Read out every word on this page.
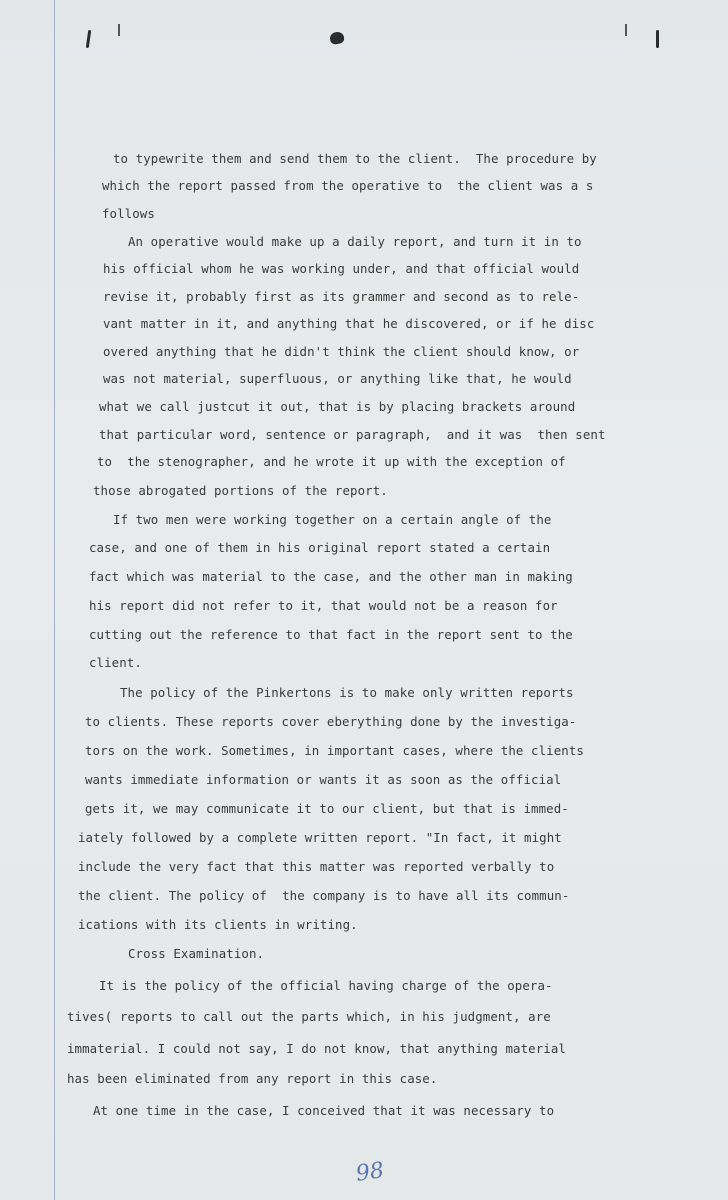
to typewrite them and send them to the client.  The procedure by
which the report passed from the operative to  the client was a s
follows
An operative would make up a daily report, and turn it in to
his official whom he was working under, and that official would
revise it, probably first as its grammer and second as to rele-
vant matter in it, and anything that he discovered, or if he disc
overed anything that he didn't think the client should know, or
was not material, superfluous, or anything like that, he would
what we call justcut it out, that is by placing brackets around
that particular word, sentence or paragraph,  and it was  then sent
to  the stenographer, and he wrote it up with the exception of
those abrogated portions of the report.
If two men were working together on a certain angle of the
case, and one of them in his original report stated a certain
fact which was material to the case, and the other man in making
his report did not refer to it, that would not be a reason for
cutting out the reference to that fact in the report sent to the
client.
The policy of the Pinkertons is to make only written reports
to clients. These reports cover eberything done by the investiga-
tors on the work. Sometimes, in important cases, where the clients
wants immediate information or wants it as soon as the official
gets it, we may communicate it to our client, but that is immed-
iately followed by a complete written report. "In fact, it might
include the very fact that this matter was reported verbally to
the client. The policy of  the company is to have all its commun-
ications with its clients in writing.
Cross Examination.
It is the policy of the official having charge of the opera-
tives( reports to call out the parts which, in his judgment, are
immaterial. I could not say, I do not know, that anything material
has been eliminated from any report in this case.
At one time in the case, I conceived that it was necessary to
98
